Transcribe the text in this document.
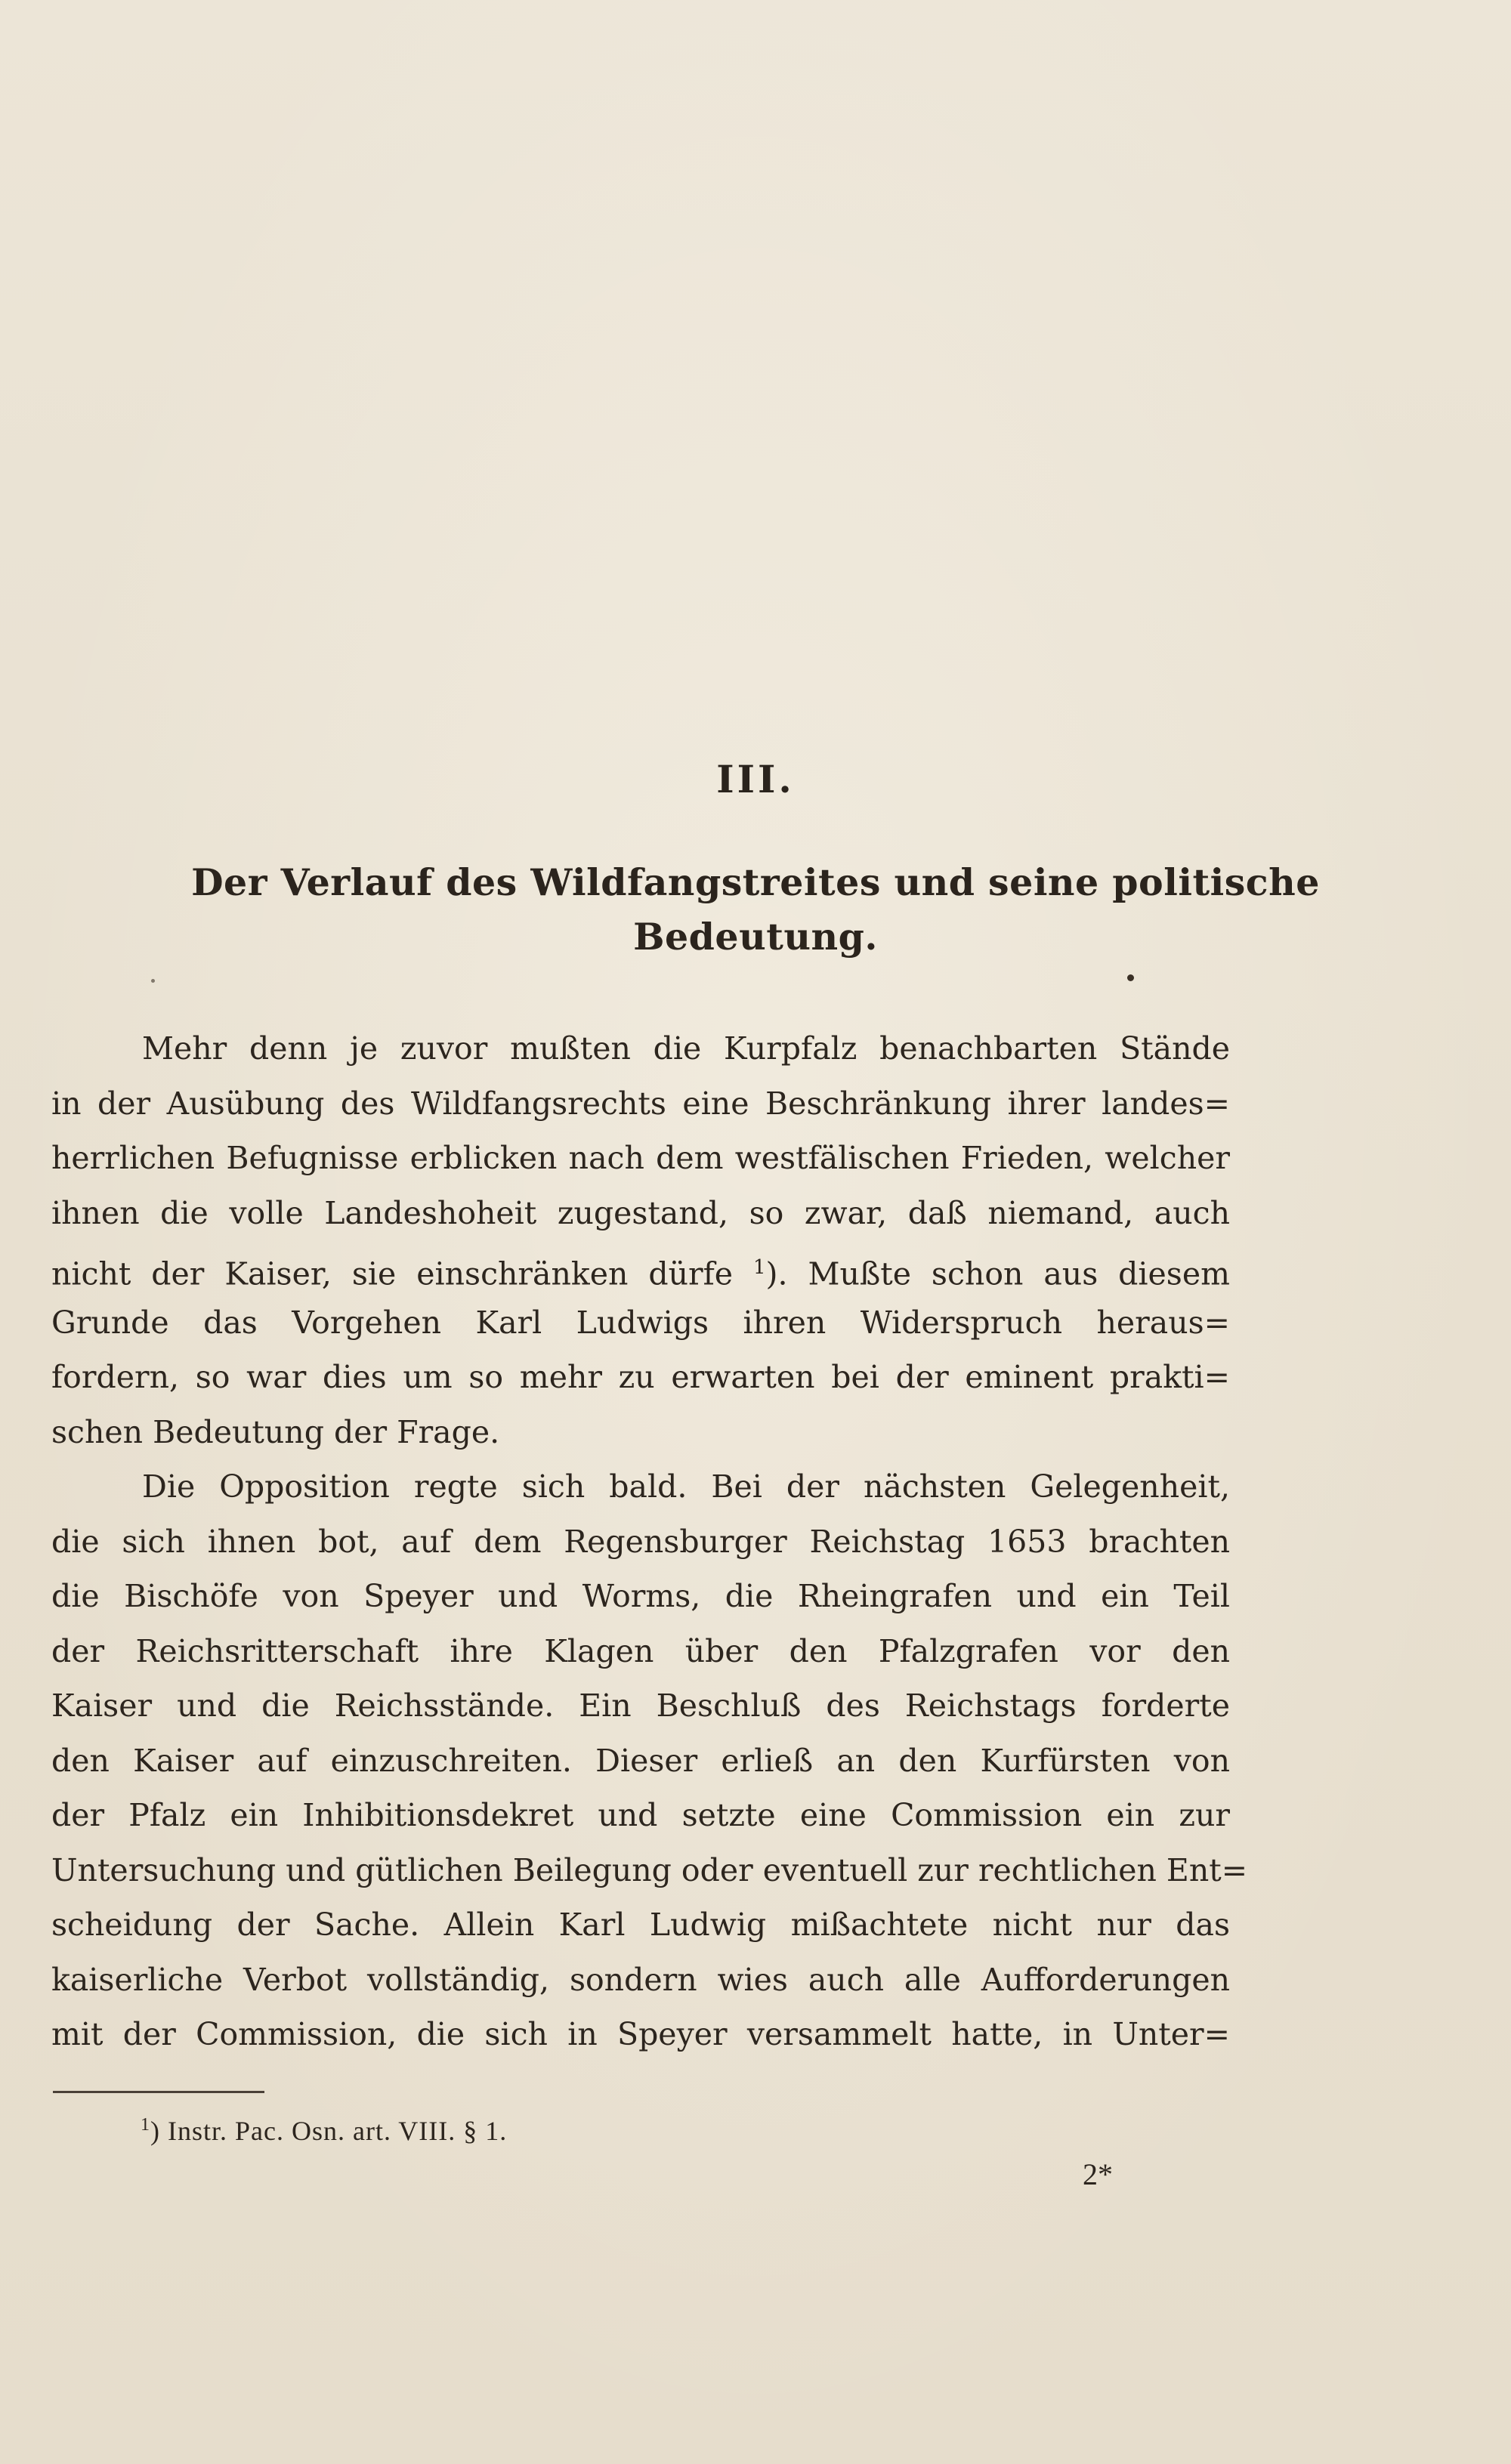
III.
Der Verlauf des Wildfangstreites und seine politische
Bedeutung.
Mehr denn je zuvor mußten die Kurpfalz benachbarten Stände
in der Ausübung des Wildfangsrechts eine Beschränkung ihrer landes=
herrlichen Befugnisse erblicken nach dem westfälischen Frieden, welcher
ihnen die volle Landeshoheit zugestand, so zwar, daß niemand, auch
nicht der Kaiser, sie einschränken dürfe $^1$). Mußte schon aus diesem
Grunde das Vorgehen Karl Ludwigs ihren Widerspruch heraus=
fordern, so war dies um so mehr zu erwarten bei der eminent prakti=
schen Bedeutung der Frage.
Die Opposition regte sich bald. Bei der nächsten Gelegenheit,
die sich ihnen bot, auf dem Regensburger Reichstag 1653 brachten
die Bischöfe von Speyer und Worms, die Rheingrafen und ein Teil
der Reichsritterschaft ihre Klagen über den Pfalzgrafen vor den
Kaiser und die Reichsstände. Ein Beschluß des Reichstags forderte
den Kaiser auf einzuschreiten. Dieser erließ an den Kurfürsten von
der Pfalz ein Inhibitionsdekret und setzte eine Commission ein zur
Untersuchung und gütlichen Beilegung oder eventuell zur rechtlichen Ent=
scheidung der Sache. Allein Karl Ludwig mißachtete nicht nur das
kaiserliche Verbot vollständig, sondern wies auch alle Aufforderungen
mit der Commission, die sich in Speyer versammelt hatte, in Unter=
$^1$) Instr. Pac. Osn. art. VIII. § 1.
2*
